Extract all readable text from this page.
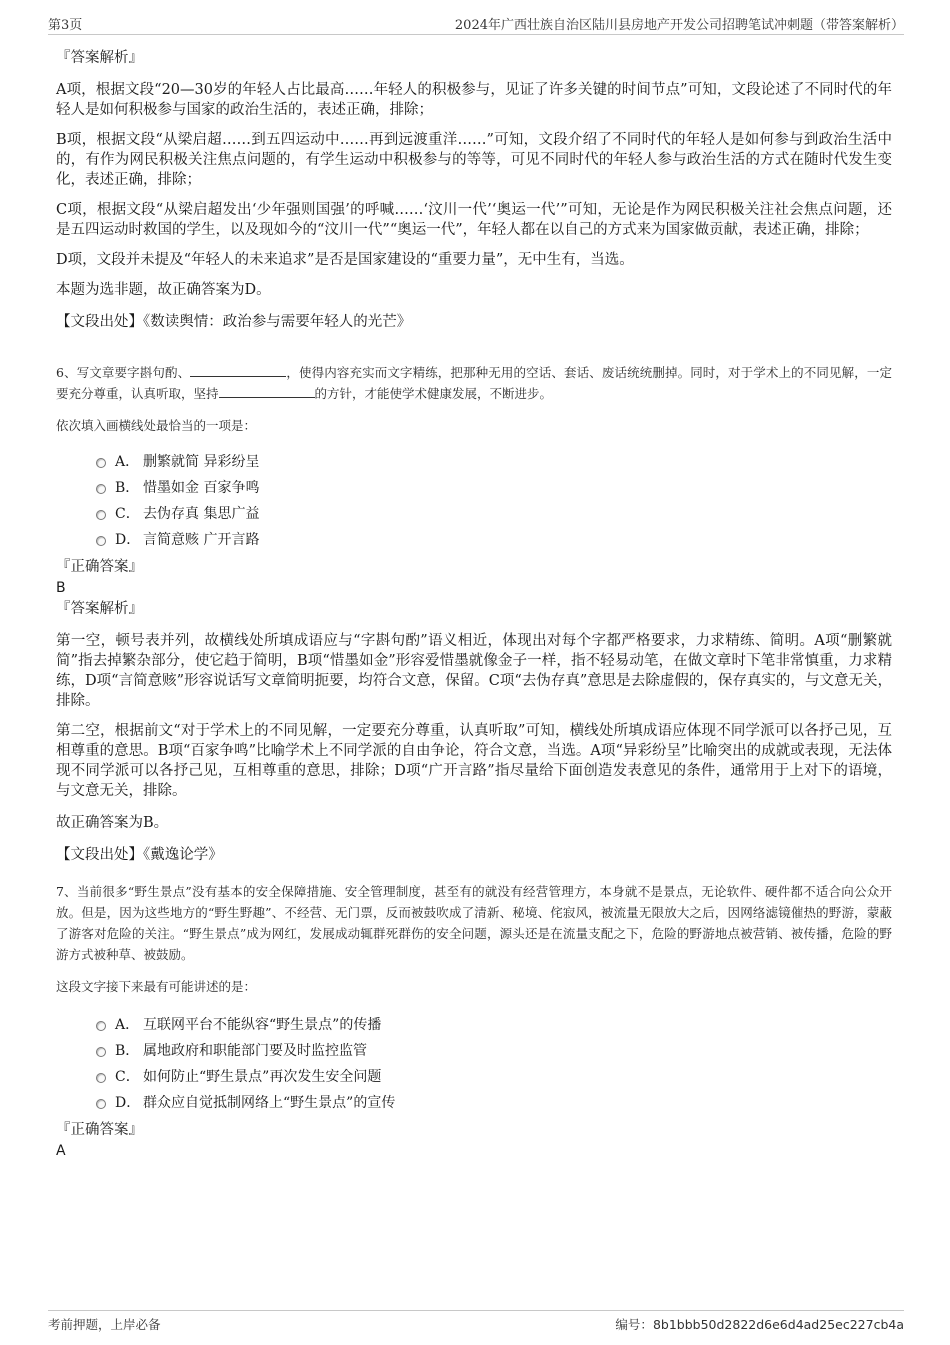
第3页	2024年广西壮族自治区陆川县房地产开发公司招聘笔试冲刺题（带答案解析）

『答案解析』

A项，根据文段“20—30岁的年轻人占比最高……年轻人的积极参与，见证了许多关键的时间节点”可知，文段论述了不同时代的年轻人是如何积极参与国家的政治生活的，表述正确，排除；

B项，根据文段“从梁启超……到五四运动中……再到远渡重洋……”可知，文段介绍了不同时代的年轻人是如何参与到政治生活中的，有作为网民积极关注焦点问题的，有学生运动中积极参与的等等，可见不同时代的年轻人参与政治生活的方式在随时代发生变化，表述正确，排除；

C项，根据文段“从梁启超发出‘少年强则国强’的呼喊……‘汶川一代’‘奥运一代’”可知，无论是作为网民积极关注社会焦点问题，还是五四运动时救国的学生，以及现如今的“汶川一代”“奥运一代”，年轻人都在以自己的方式来为国家做贡献，表述正确，排除；

D项，文段并未提及“年轻人的未来追求”是否是国家建设的“重要力量”，无中生有，当选。

本题为选非题，故正确答案为D。

【文段出处】《数读舆情：政治参与需要年轻人的光芒》

6、写文章要字斟句酌、	，使得内容充实而文字精练，把那种无用的空话、套话、废话统统删掉。同时，对于学术上的不同见解，一定要充分尊重，认真听取，坚持	的方针，才能使学术健康发展，不断进步。

依次填入画横线处最恰当的一项是：

A． 删繁就简 异彩纷呈
B． 惜墨如金 百家争鸣
C． 去伪存真 集思广益
D． 言简意赅 广开言路

『正确答案』

B

『答案解析』

第一空，顿号表并列，故横线处所填成语应与“字斟句酌”语义相近，体现出对每个字都严格要求，力求精练、简明。A项“删繁就简”指去掉繁杂部分，使它趋于简明，B项“惜墨如金”形容爱惜墨就像金子一样，指不轻易动笔，在做文章时下笔非常慎重，力求精练，D项“言简意赅”形容说话写文章简明扼要，均符合文意，保留。C项“去伪存真”意思是去除虚假的，保存真实的，与文意无关，排除。

第二空，根据前文“对于学术上的不同见解，一定要充分尊重，认真听取”可知，横线处所填成语应体现不同学派可以各抒己见，互相尊重的意思。B项“百家争鸣”比喻学术上不同学派的自由争论，符合文意，当选。A项“异彩纷呈”比喻突出的成就或表现，无法体现不同学派可以各抒己见，互相尊重的意思，排除；D项“广开言路”指尽量给下面创造发表意见的条件，通常用于上对下的语境，与文意无关，排除。

故正确答案为B。

【文段出处】《戴逸论学》

7、当前很多“野生景点”没有基本的安全保障措施、安全管理制度，甚至有的就没有经营管理方，本身就不是景点，无论软件、硬件都不适合向公众开放。但是，因为这些地方的“野生野趣”、不经营、无门票，反而被鼓吹成了清新、秘境、侘寂风，被流量无限放大之后，因网络滤镜催热的野游，蒙蔽了游客对危险的关注。“野生景点”成为网红，发展成动辄群死群伤的安全问题，源头还是在流量支配之下，危险的野游地点被营销、被传播，危险的野游方式被种草、被鼓励。

这段文字接下来最有可能讲述的是：

A． 互联网平台不能纵容“野生景点”的传播
B． 属地政府和职能部门要及时监控监管
C． 如何防止“野生景点”再次发生安全问题
D． 群众应自觉抵制网络上“野生景点”的宣传

『正确答案』

A

考前押题，上岸必备	编号：8b1bbb50d2822d6e6d4ad25ec227cb4a
